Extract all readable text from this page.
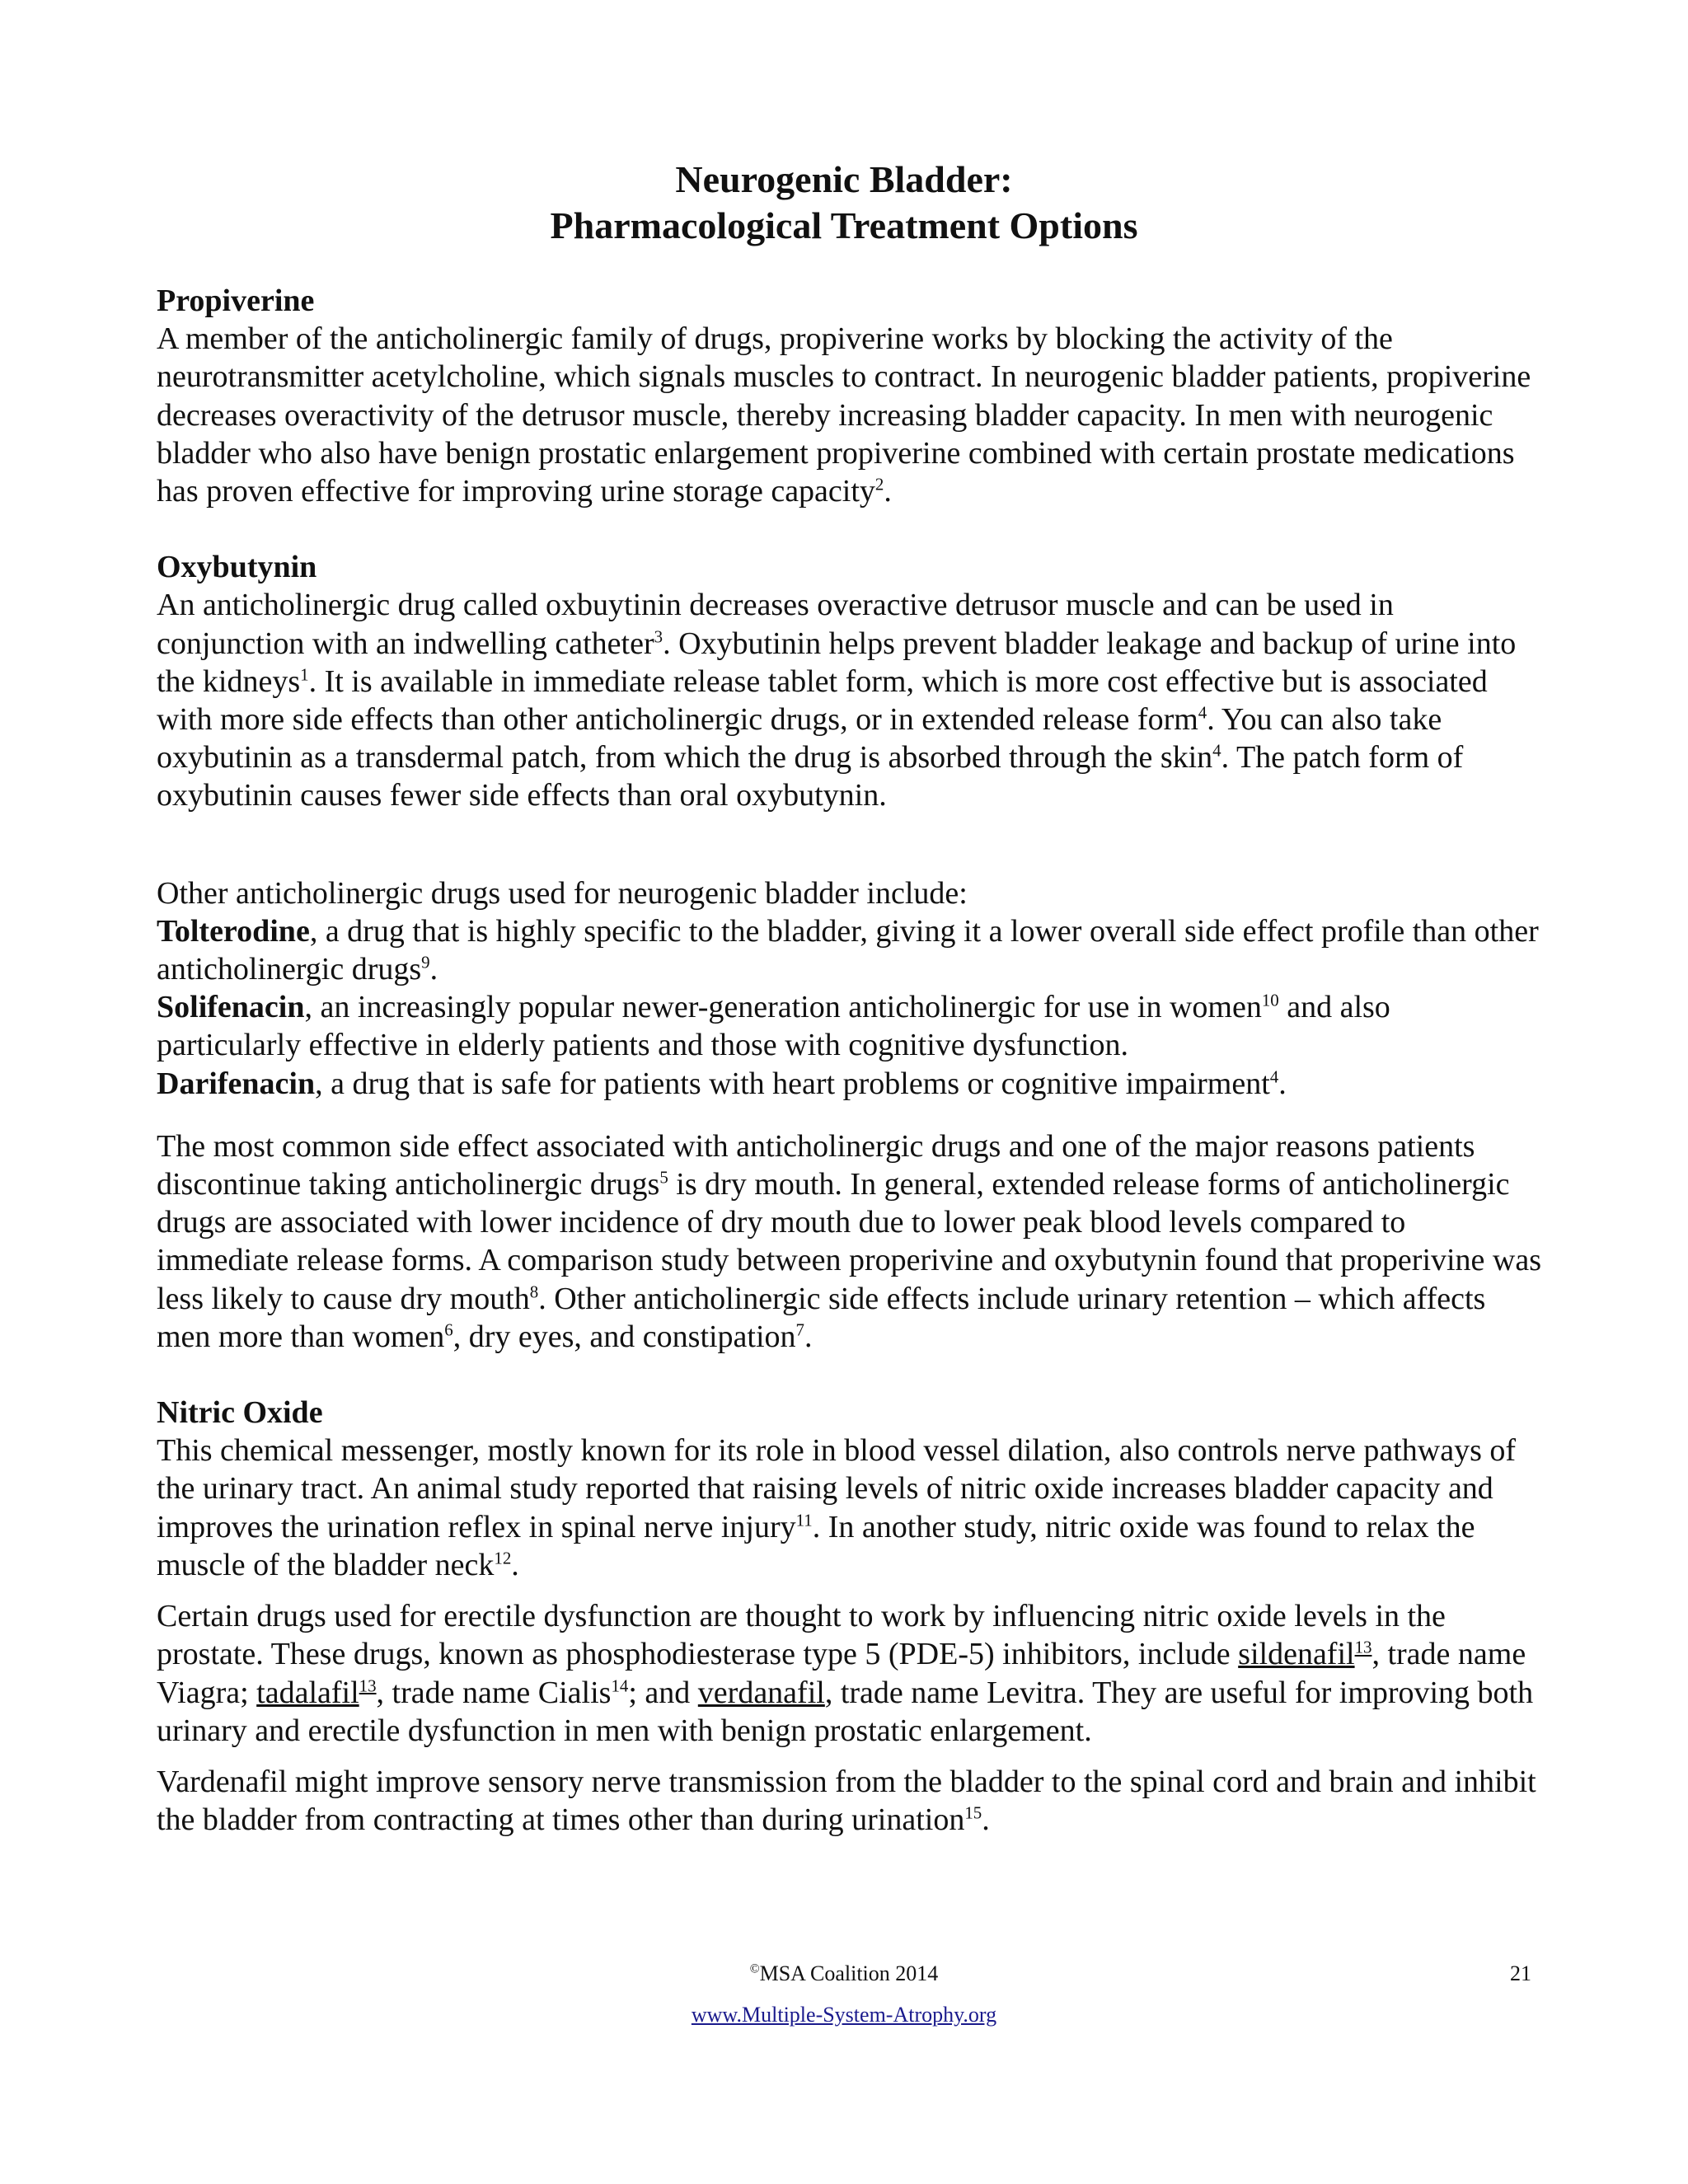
Neurogenic Bladder:
Pharmacological Treatment Options

Propiverine

A member of the anticholinergic family of drugs, propiverine works by blocking the activity of the neurotransmitter acetylcholine, which signals muscles to contract. In neurogenic bladder patients, propiverine decreases overactivity of the detrusor muscle, thereby increasing bladder capacity. In men with neurogenic bladder who also have benign prostatic enlargement propiverine combined with certain prostate medications has proven effective for improving urine storage capacity$^2$.

Oxybutynin

An anticholinergic drug called oxbuytinin decreases overactive detrusor muscle and can be used in conjunction with an indwelling catheter$^3$. Oxybutinin helps prevent bladder leakage and backup of urine into the kidneys$^1$. It is available in immediate release tablet form, which is more cost effective but is associated with more side effects than other anticholinergic drugs, or in extended release form$^4$. You can also take oxybutinin as a transdermal patch, from which the drug is absorbed through the skin$^4$. The patch form of oxybutinin causes fewer side effects than oral oxybutynin.

Other anticholinergic drugs used for neurogenic bladder include:

Tolterodine, a drug that is highly specific to the bladder, giving it a lower overall side effect profile than other anticholinergic drugs$^9$.

Solifenacin, an increasingly popular newer-generation anticholinergic for use in women$^{10}$ and also particularly effective in elderly patients and those with cognitive dysfunction.

Darifenacin, a drug that is safe for patients with heart problems or cognitive impairment$^4$.

The most common side effect associated with anticholinergic drugs and one of the major reasons patients discontinue taking anticholinergic drugs$^5$ is dry mouth. In general, extended release forms of anticholinergic drugs are associated with lower incidence of dry mouth due to lower peak blood levels compared to immediate release forms. A comparison study between properivine and oxybutynin found that properivine was less likely to cause dry mouth$^8$. Other anticholinergic side effects include urinary retention – which affects men more than women$^6$, dry eyes, and constipation$^7$.

Nitric Oxide

This chemical messenger, mostly known for its role in blood vessel dilation, also controls nerve pathways of the urinary tract. An animal study reported that raising levels of nitric oxide increases bladder capacity and improves the urination reflex in spinal nerve injury$^{11}$. In another study, nitric oxide was found to relax the muscle of the bladder neck$^{12}$.

Certain drugs used for erectile dysfunction are thought to work by influencing nitric oxide levels in the prostate. These drugs, known as phosphodiesterase type 5 (PDE-5) inhibitors, include sildenafil$^{13}$, trade name Viagra; tadalafil$^{13}$, trade name Cialis$^{14}$; and verdanafil, trade name Levitra. They are useful for improving both urinary and erectile dysfunction in men with benign prostatic enlargement.

Vardenafil might improve sensory nerve transmission from the bladder to the spinal cord and brain and inhibit the bladder from contracting at times other than during urination$^{15}$.

©MSA Coalition 2014	21
www.Multiple-System-Atrophy.org
